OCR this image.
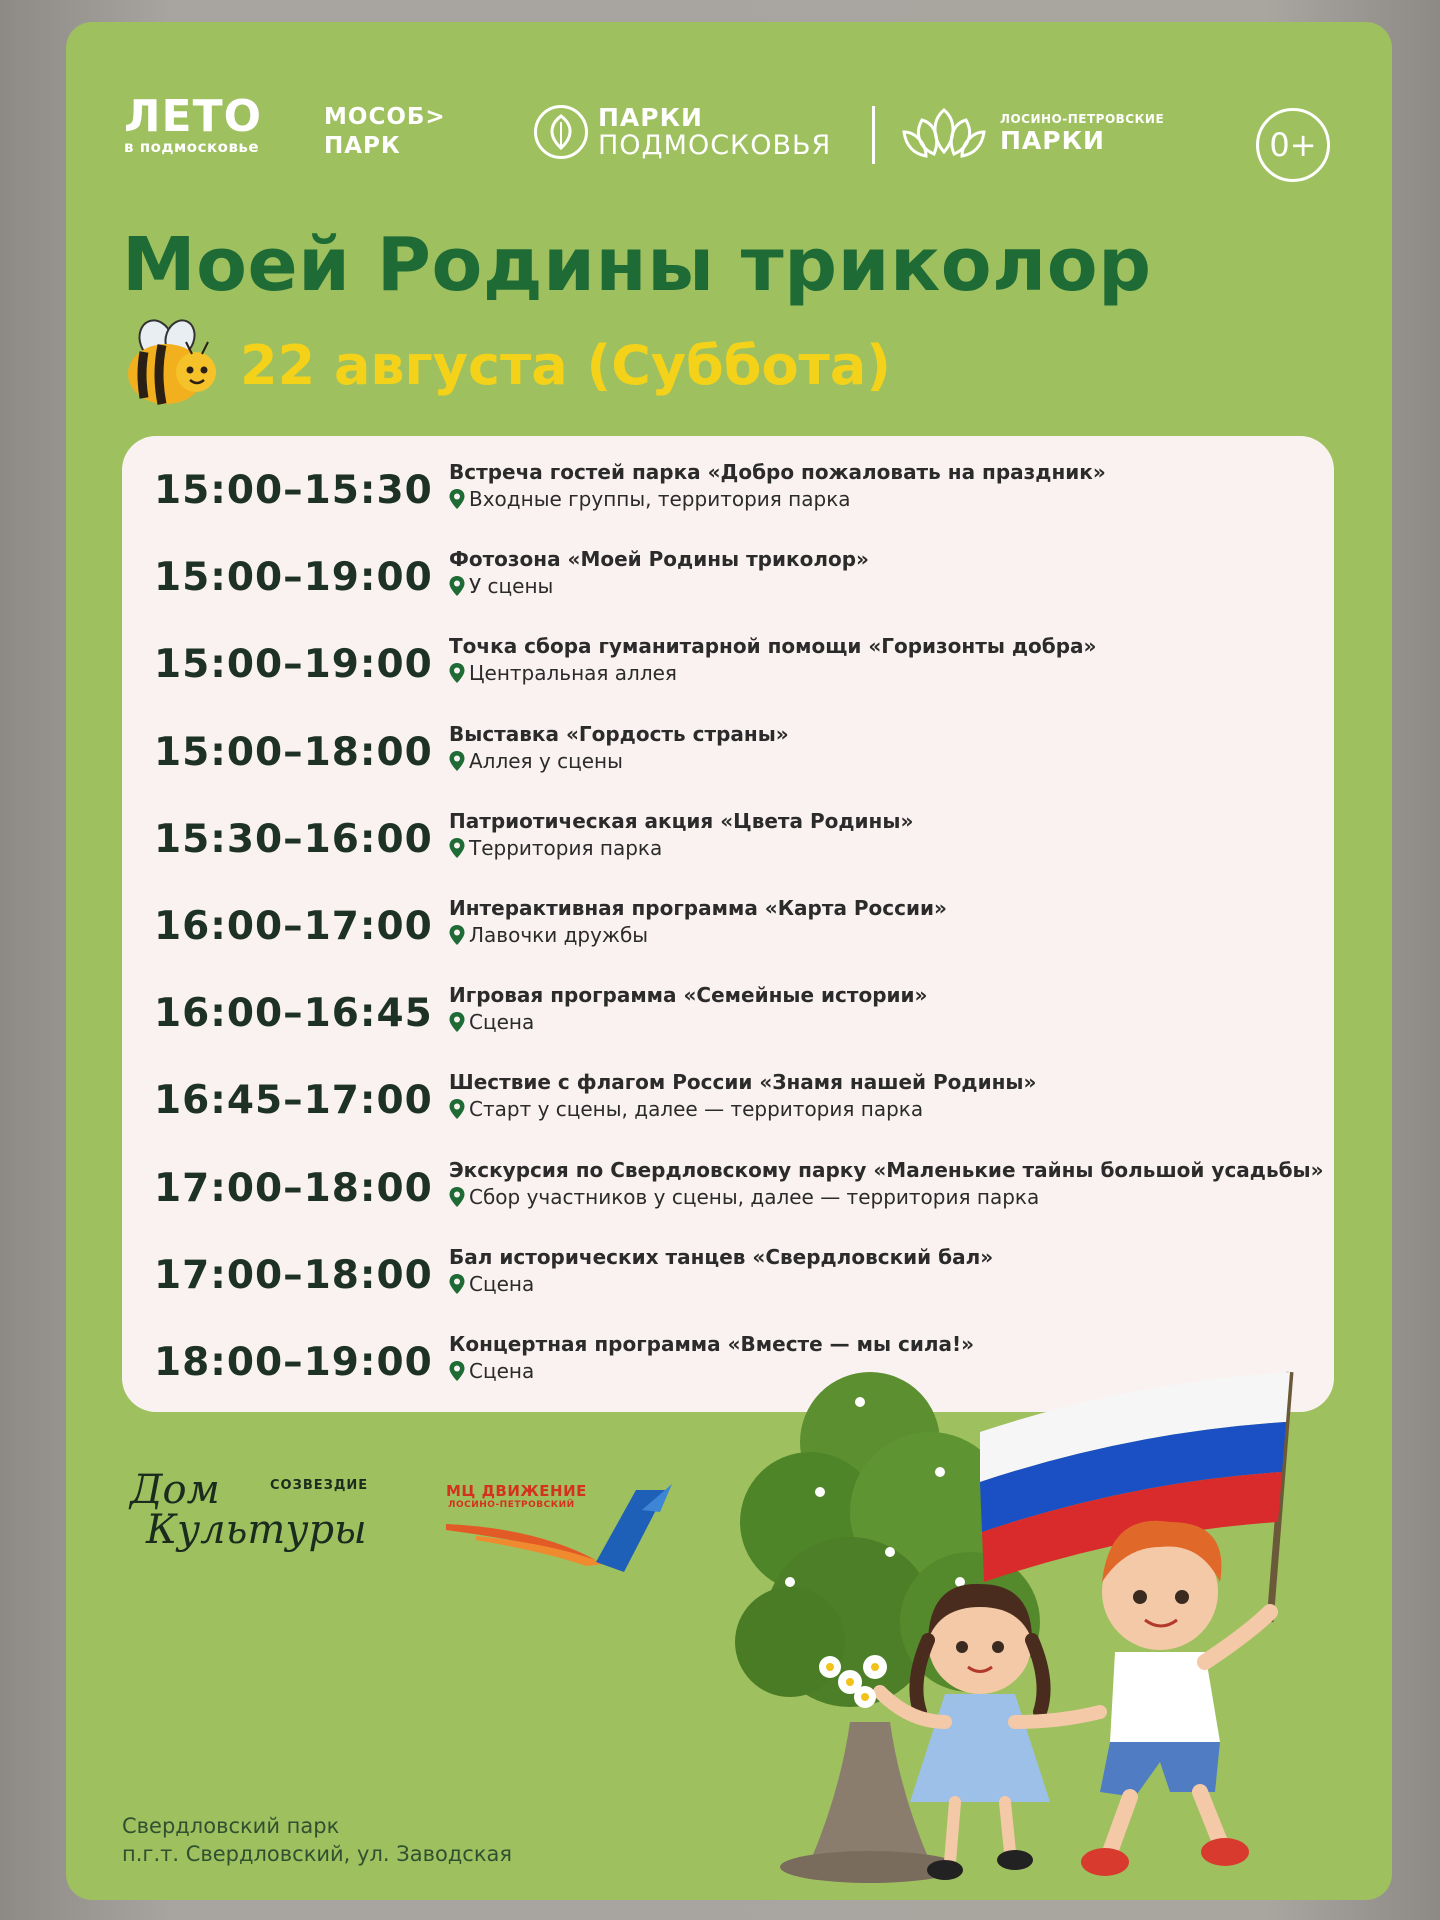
ЛЕТО
в подмосковье
МОСОБ>
ПАРК
ПАРКИ
ПОДМОСКОВЬЯ
ЛОСИНО-ПЕТРОВСКИЕ
ПАРКИ	0+
Моей Родины триколор
22 августа (Суббота)
15:00–15:30 Встреча гостей парка «Добро пожаловать на праздник»
Входные группы, территория парка
15:00–19:00 Фотозона «Моей Родины триколор»
У сцены
15:00–19:00 Точка сбора гуманитарной помощи «Горизонты добра»
Центральная аллея
15:00–18:00 Выставка «Гордость страны»
Аллея у сцены
15:30–16:00 Патриотическая акция «Цвета Родины»
Территория парка
16:00–17:00 Интерактивная программа «Карта России»
Лавочки дружбы
16:00–16:45 Игровая программа «Семейные истории»
Сцена
16:45–17:00 Шествие с флагом России «Знамя нашей Родины»
Старт у сцены, далее — территория парка
17:00–18:00 Экскурсия по Свердловскому парку «Маленькие тайны большой усадьбы»
Сбор участников у сцены, далее — территория парка
17:00–18:00 Бал исторических танцев «Свердловский бал»
Сцена
18:00–19:00 Концертная программа «Вместе — мы сила!»
Сцена
СОЗВЕЗДИЕ
Дом
Культуры
МЦ ДВИЖЕНИЕ
ЛОСИНО-ПЕТРОВСКИЙ
Свердловский парк
п.г.т. Свердловский, ул. Заводская
